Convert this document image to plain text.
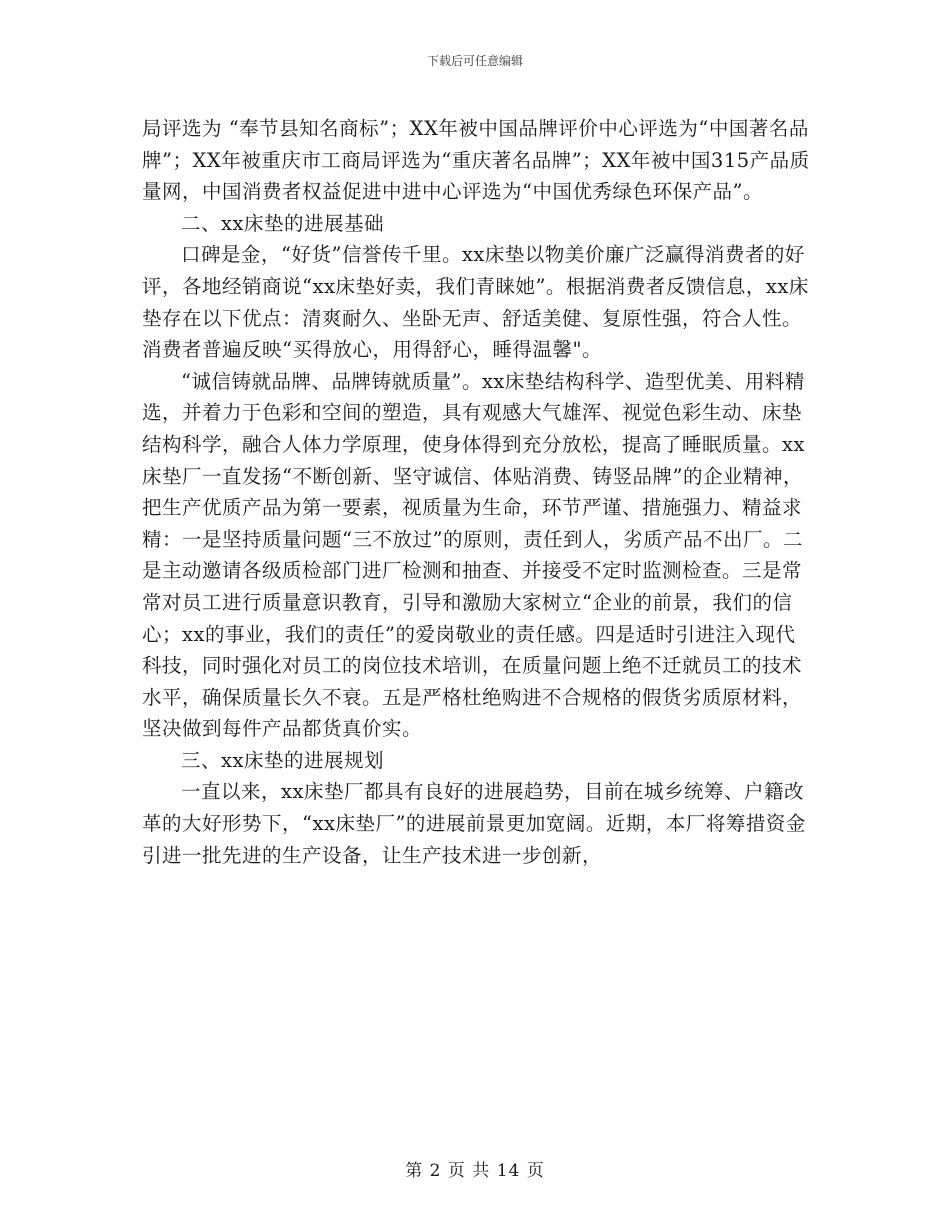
下载后可任意编辑

局评选为 “奉节县知名商标”；XX年被中国品牌评价中心评选为“中国著名品牌”；XX年被重庆市工商局评选为“重庆著名品牌”；XX年被中国315产品质量网，中国消费者权益促进中进中心评选为“中国优秀绿色环保产品”。

二、xx床垫的进展基础

口碑是金，“好货”信誉传千里。xx床垫以物美价廉广泛赢得消费者的好评，各地经销商说“xx床垫好卖，我们青睐她”。根据消费者反馈信息，xx床垫存在以下优点：清爽耐久、坐卧无声、舒适美健、复原性强，符合人性。消费者普遍反映“买得放心，用得舒心，睡得温馨"。

“诚信铸就品牌、品牌铸就质量”。xx床垫结构科学、造型优美、用料精选，并着力于色彩和空间的塑造，具有观感大气雄浑、视觉色彩生动、床垫结构科学，融合人体力学原理，使身体得到充分放松，提高了睡眠质量。xx床垫厂一直发扬“不断创新、坚守诚信、体贴消费、铸竖品牌”的企业精神，把生产优质产品为第一要素，视质量为生命，环节严谨、措施强力、精益求精：一是坚持质量问题“三不放过”的原则，责任到人，劣质产品不出厂。二是主动邀请各级质检部门进厂检测和抽查、并接受不定时监测检查。三是常常对员工进行质量意识教育，引导和激励大家树立“企业的前景，我们的信心；xx的事业，我们的责任”的爱岗敬业的责任感。四是适时引进注入现代科技，同时强化对员工的岗位技术培训，在质量问题上绝不迁就员工的技术水平，确保质量长久不衰。五是严格杜绝购进不合规格的假货劣质原材料，坚决做到每件产品都货真价实。

三、xx床垫的进展规划

一直以来，xx床垫厂都具有良好的进展趋势，目前在城乡统筹、户籍改革的大好形势下，“xx床垫厂”的进展前景更加宽阔。近期，本厂将筹措资金引进一批先进的生产设备，让生产技术进一步创新，

第 2 页 共 14 页
